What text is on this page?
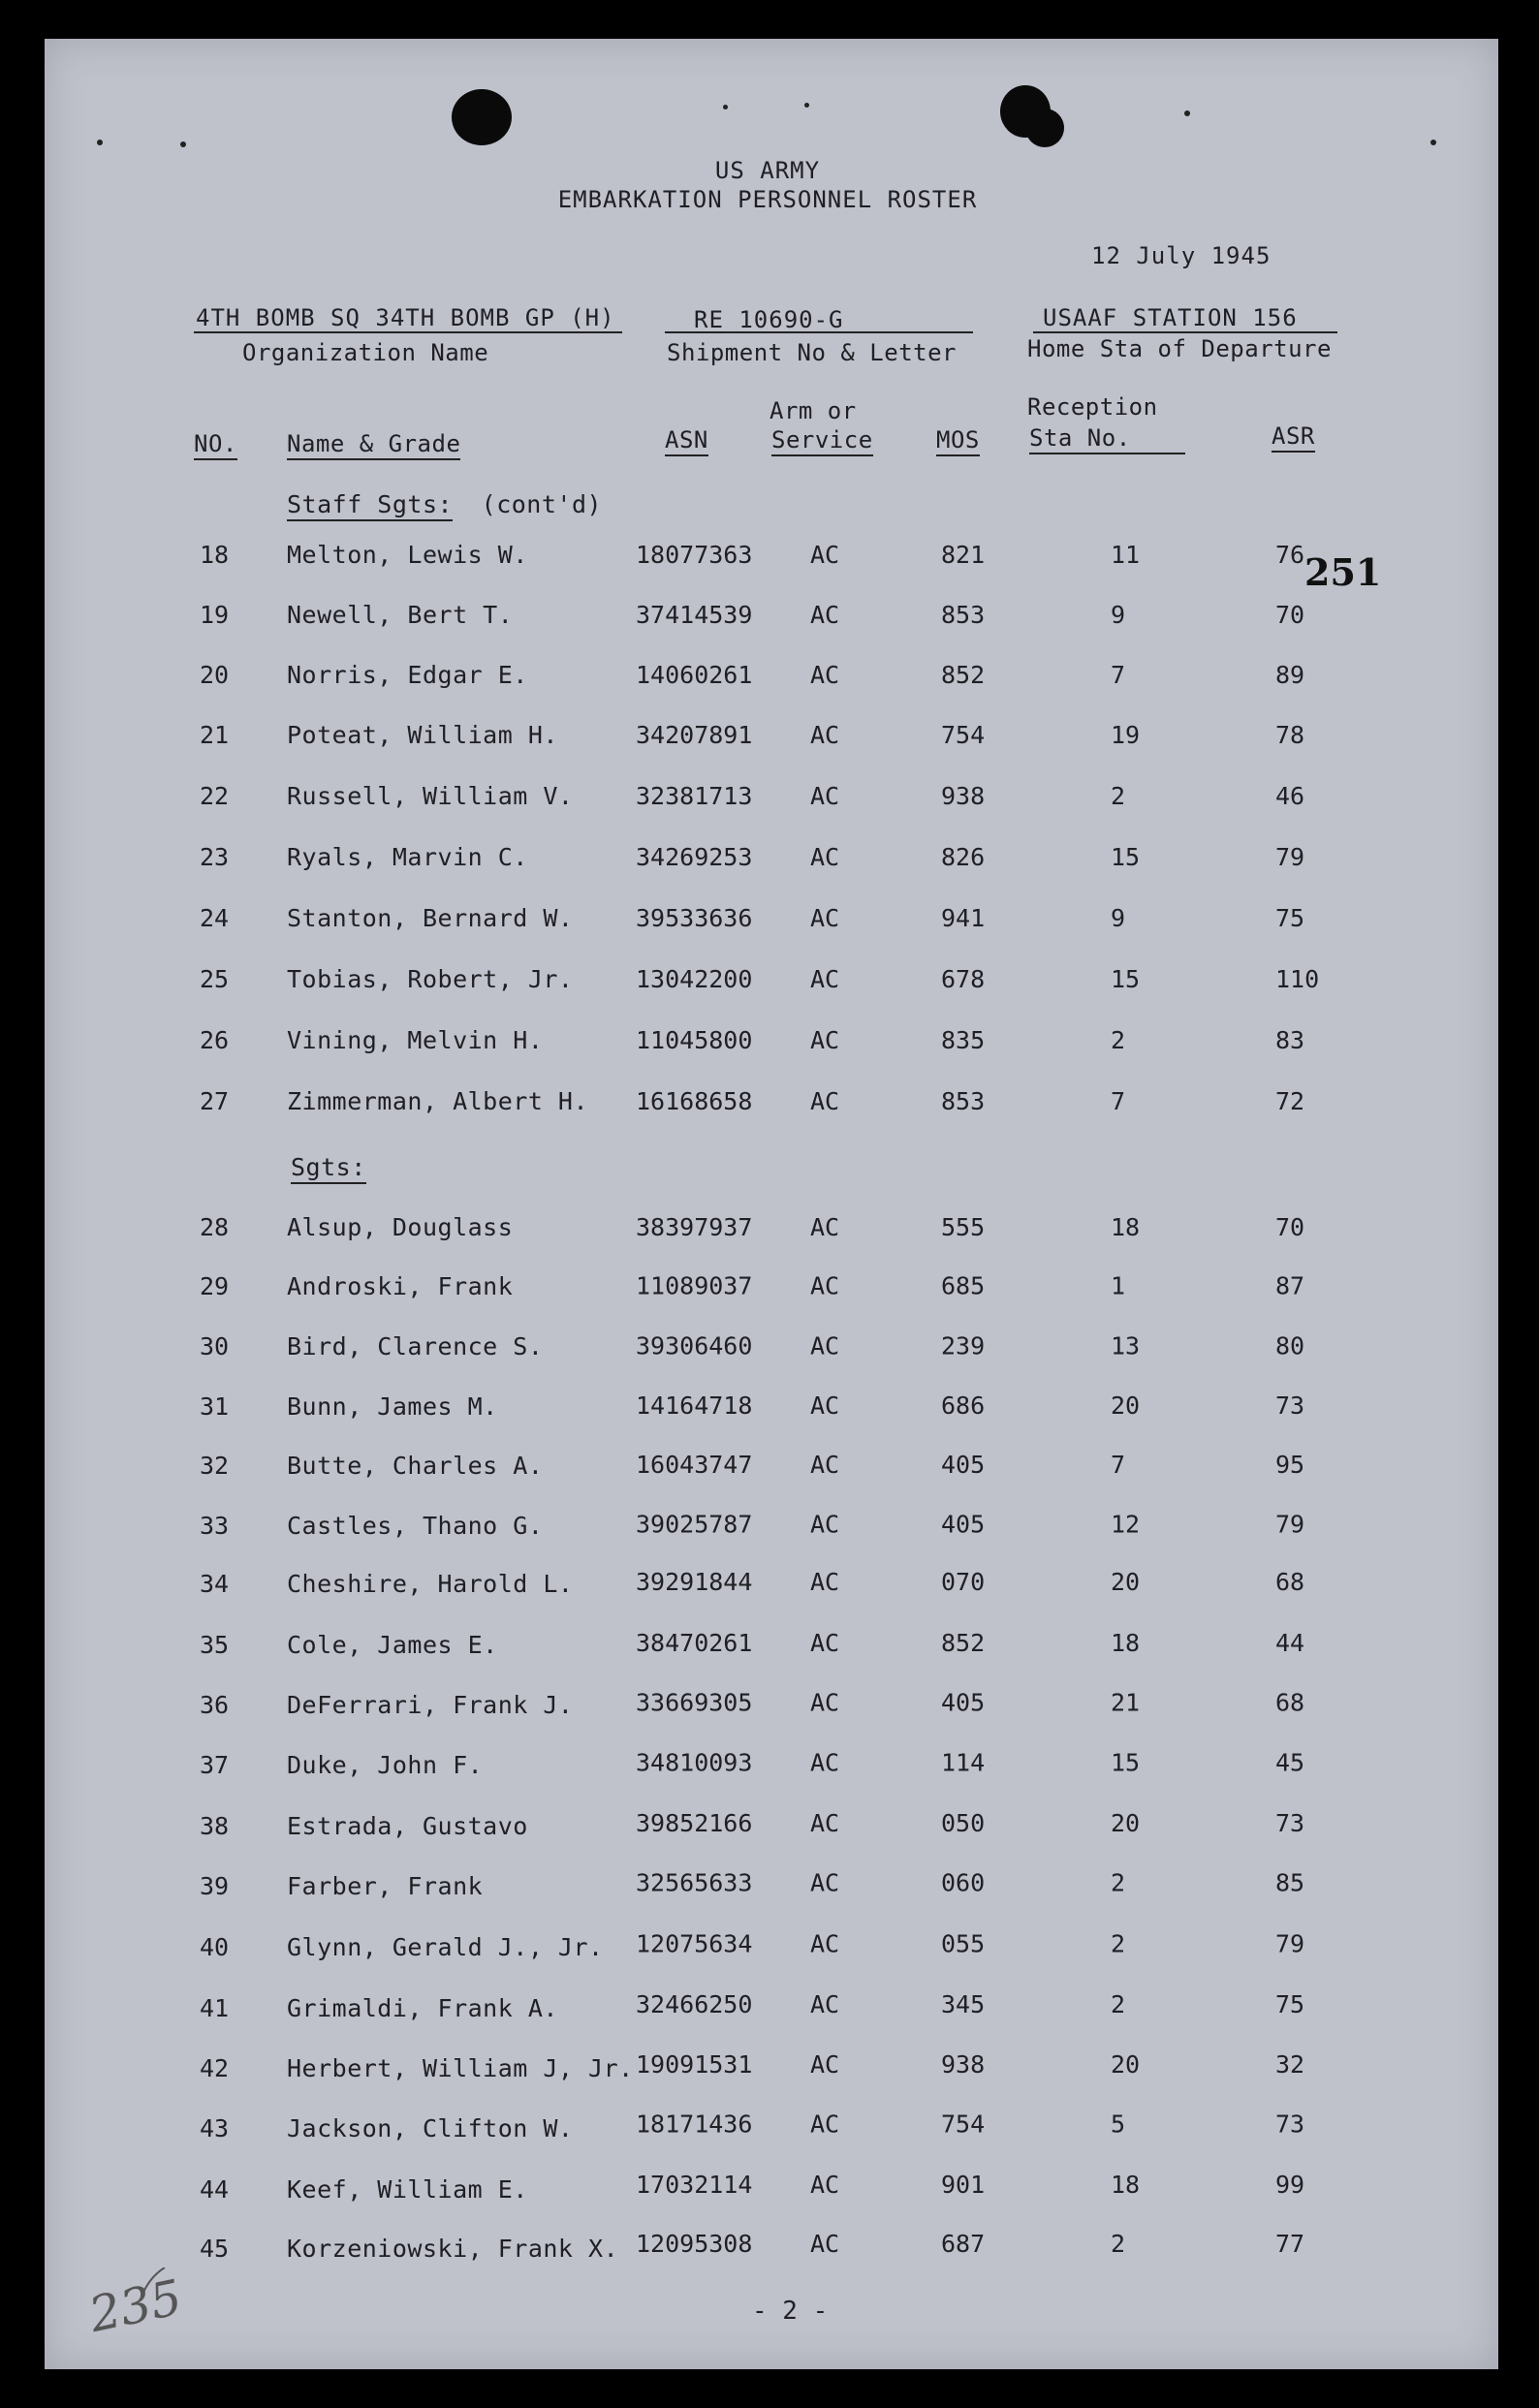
US ARMY
EMBARKATION PERSONNEL ROSTER
12 July 1945
4TH BOMB SQ 34TH BOMB GP (H)
Organization Name
RE 10690-G
Shipment No & Letter
USAAF STATION 156
Home Sta of Departure
NO. Name & Grade	ASN
Arm or
Service	MOS
Reception
Sta No.	ASR
251
Staff Sgts: (cont'd)
18 Melton, Lewis W.	18077363 AC	821	11	76
19 Newell, Bert T.	37414539 AC	853	9	70
20 Norris, Edgar E.	14060261 AC	852	7	89
21 Poteat, William H.	34207891 AC	754	19	78
22 Russell, William V.	32381713 AC	938	2	46
23 Ryals, Marvin C.	34269253 AC	826	15	79
24 Stanton, Bernard W.	39533636 AC	941	9	75
25 Tobias, Robert, Jr.	13042200 AC	678	15	110
26 Vining, Melvin H.	11045800 AC	835	2	83
27 Zimmerman, Albert H. 16168658 AC	853	7	72
Sgts:
28 Alsup, Douglass	38397937 AC	555	18	70
29 Androski, Frank	11089037 AC	685	1	87
30 Bird, Clarence S.	39306460 AC	239	13	80
31 Bunn, James M.	14164718 AC	686	20	73
32 Butte, Charles A.	16043747 AC	405	7	95
33 Castles, Thano G.	39025787 AC	405	12	79
34 Cheshire, Harold L.	39291844 AC	070	20	68
35 Cole, James E.	38470261 AC	852	18	44
36 DeFerrari, Frank J.	33669305 AC	405	21	68
37 Duke, John F.	34810093 AC	114	15	45
38 Estrada, Gustavo	39852166 AC	050	20	73
39 Farber, Frank	32565633 AC	060	2	85
40 Glynn, Gerald J., Jr. 12075634 AC	055	2	79
41 Grimaldi, Frank A.	32466250 AC	345	2	75
42 Herbert, William J, Jr. 19091531 AC	938	20	32
43 Jackson, Clifton W.	18171436 AC	754	5	73
44 Keef, William E.	17032114 AC	901	18	99
45 Korzeniowski, Frank X. 12095308 AC	687	2	77
- 2 -
235
